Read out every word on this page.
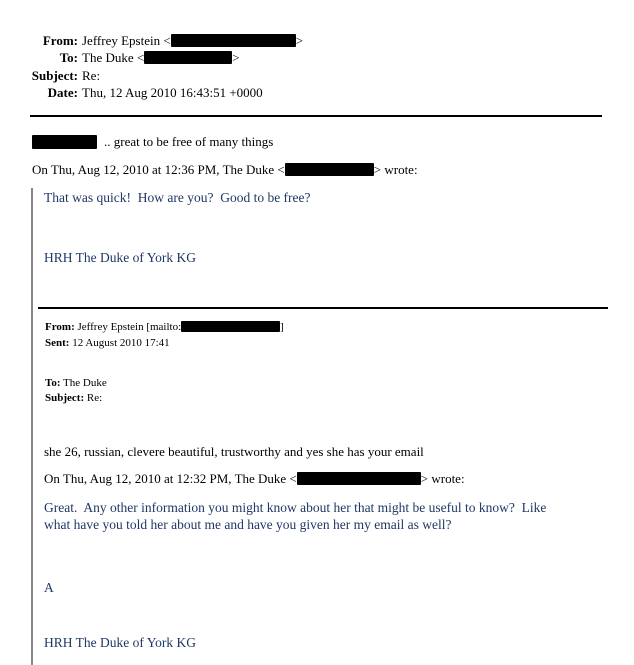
From: Jeffrey Epstein <	>
To: The Duke <	>
Subject: Re:
Date: Thu, 12 Aug 2010 16:43:51 +0000
.. great to be free of many things
On Thu, Aug 12, 2010 at 12:36 PM, The Duke <	> wrote:
That was quick!  How are you?  Good to be free?
HRH The Duke of York KG
From: Jeffrey Epstein [mailto:	]
Sent: 12 August 2010 17:41
To: The Duke
Subject: Re:
she 26, russian, clevere beautiful, trustworthy and yes she has your email
On Thu, Aug 12, 2010 at 12:32 PM, The Duke <	> wrote:
Great.  Any other information you might know about her that might be useful to know?  Like
what have you told her about me and have you given her my email as well?
A
HRH The Duke of York KG
